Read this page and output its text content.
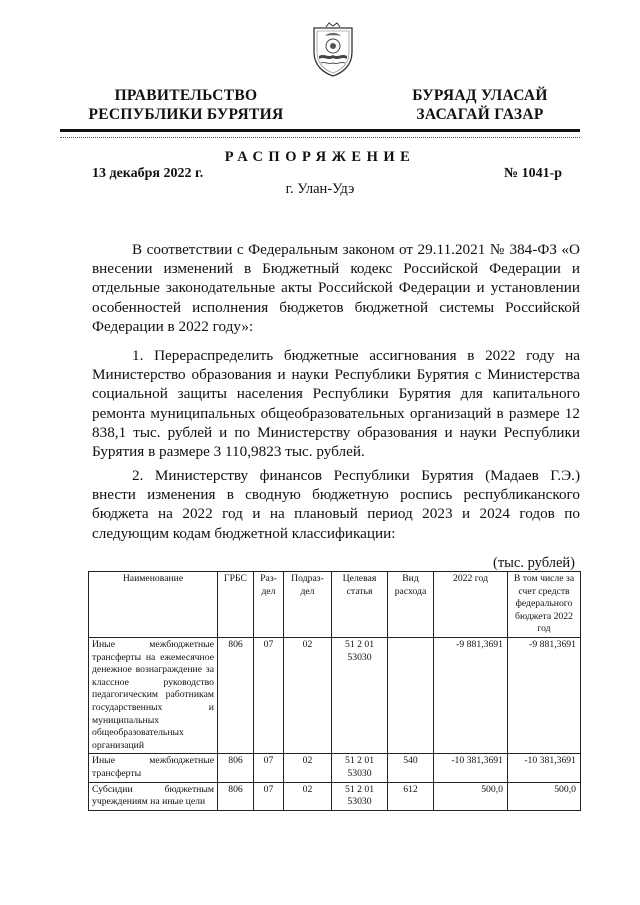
ПРАВИТЕЛЬСТВО
РЕСПУБЛИКИ БУРЯТИЯ
БУРЯАД УЛАСАЙ
ЗАСАГАЙ ГАЗАР
РАСПОРЯЖЕНИЕ
13 декабря 2022 г.	№ 1041-р
г. Улан-Удэ

В соответствии с Федеральным законом от 29.11.2021 № 384-ФЗ «О внесении изменений в Бюджетный кодекс Российской Федерации и отдельные законодательные акты Российской Федерации и установлении особенностей исполнения бюджетов бюджетной системы Российской Федерации в 2022 году»:

1. Перераспределить бюджетные ассигнования в 2022 году на Министерство образования и науки Республики Бурятия с Министерства социальной защиты населения Республики Бурятия для капитального ремонта муниципальных общеобразовательных организаций в размере 12 838,1 тыс. рублей и по Министерству образования и науки Республики Бурятия в размере 3 110,9823 тыс. рублей.

2. Министерству финансов Республики Бурятия (Мадаев Г.Э.) внести изменения в сводную бюджетную роспись республиканского бюджета на 2022 год и на плановый период 2023 и 2024 годов по следующим кодам бюджетной классификации:

(тыс. рублей)
Наименование	ГРБС	Раз-дел	Подраз-дел	Целевая статья	Вид расхода	2022 год	В том числе за счет средств федерального бюджета 2022 год
Иные межбюджетные трансферты на ежемесячное денежное вознаграждение за классное руководство педагогическим работникам государственных и муниципальных общеобразовательных организаций	806	07	02	51 2 01 53030		-9 881,3691	-9 881,3691
Иные межбюджетные трансферты	806	07	02	51 2 01 53030	540	-10 381,3691	-10 381,3691
Субсидии бюджетным учреждениям на иные цели	806	07	02	51 2 01 53030	612	500,0	500,0
